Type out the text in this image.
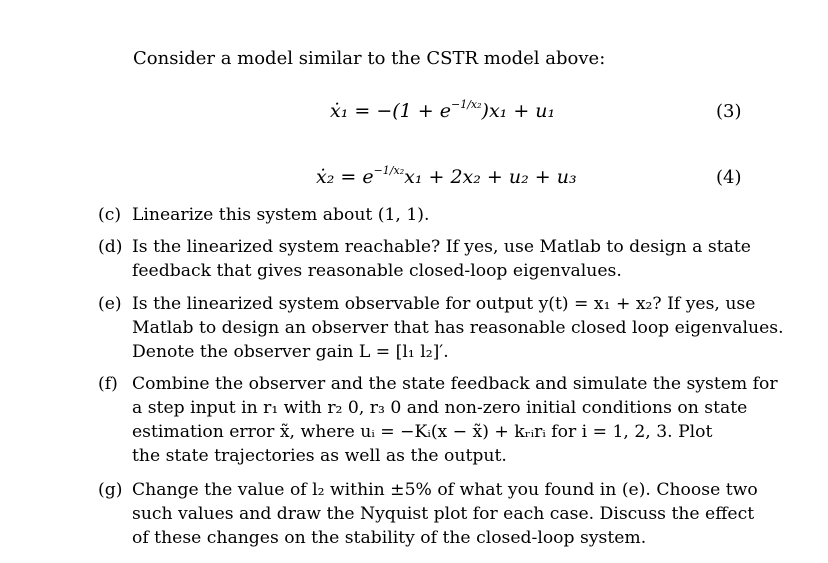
Consider a model similar to the CSTR model above:
ẋ₁ = $-(1 + e^{-1/x_2})x_1 + u_1$	(3)
ẋ₂ = $e^{-1/x_2}x_1 + 2x_2 + u_2 + u_3$	(4)
(c) Linearize this system about (1, 1).
(d) Is the linearized system reachable? If yes, use Matlab to design a state
feedback that gives reasonable closed-loop eigenvalues.
(e) Is the linearized system observable for output y(t) = x₁ + x₂? If yes, use
Matlab to design an observer that has reasonable closed loop eigenvalues.
Denote the observer gain L = [l₁ l₂]′.
(f) Combine the observer and the state feedback and simulate the system for
a step input in r₁ with r₂ 0, r₃ 0 and non-zero initial conditions on state
estimation error x̃, where uᵢ = −Kᵢ(x − x̃) + kᵣᵢrᵢ for i = 1, 2, 3. Plot
the state trajectories as well as the output.
(g) Change the value of l₂ within ±5% of what you found in (e). Choose two
such values and draw the Nyquist plot for each case. Discuss the effect
of these changes on the stability of the closed-loop system.
